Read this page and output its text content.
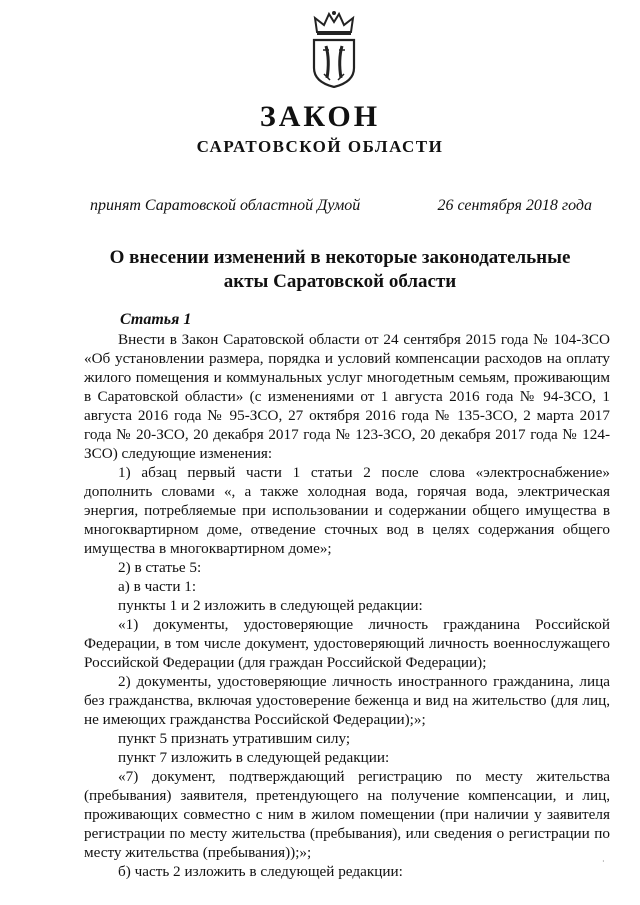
ЗАКОН
САРАТОВСКОЙ ОБЛАСТИ
принят Саратовской областной Думой	26 сентября 2018 года
О внесении изменений в некоторые законодательные
акты Саратовской области
Статья 1

Внести в Закон Саратовской области от 24 сентября 2015 года № 104-ЗСО «Об установлении размера, порядка и условий компенсации расходов на оплату жилого помещения и коммунальных услуг многодетным семьям, проживающим в Саратовской области» (с изменениями от 1 августа 2016 года № 94-ЗСО, 1 августа 2016 года № 95-ЗСО, 27 октября 2016 года № 135-ЗСО, 2 марта 2017 года № 20-ЗСО, 20 декабря 2017 года № 123-ЗСО, 20 декабря 2017 года № 124-ЗСО) следующие изменения:

1) абзац первый части 1 статьи 2 после слова «электроснабжение» дополнить словами «, а также холодная вода, горячая вода, электрическая энергия, потребляемые при использовании и содержании общего имущества в многоквартирном доме, отведение сточных вод в целях содержания общего имущества в многоквартирном доме»;

2) в статье 5:

а) в части 1:

пункты 1 и 2 изложить в следующей редакции:

«1) документы, удостоверяющие личность гражданина Российской Федерации, в том числе документ, удостоверяющий личность военнослужащего Российской Федерации (для граждан Российской Федерации);

2) документы, удостоверяющие личность иностранного гражданина, лица без гражданства, включая удостоверение беженца и вид на жительство (для лиц, не имеющих гражданства Российской Федерации);»;

пункт 5 признать утратившим силу;

пункт 7 изложить в следующей редакции:

«7) документ, подтверждающий регистрацию по месту жительства (пребывания) заявителя, претендующего на получение компенсации, и лиц, проживающих совместно с ним в жилом помещении (при наличии у заявителя регистрации по месту жительства (пребывания), или сведения о регистрации по месту жительства (пребывания));»;

б) часть 2 изложить в следующей редакции:

·
